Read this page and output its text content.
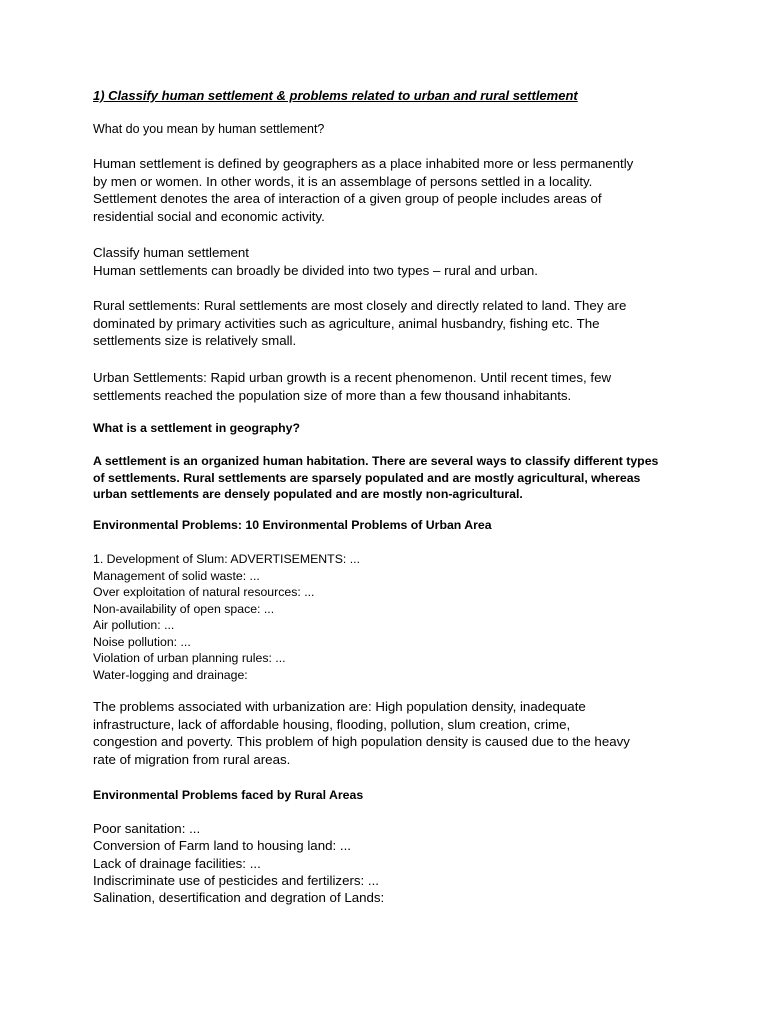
1) Classify human settlement & problems related to urban and rural settlement
What do you mean by human settlement?
Human settlement is defined by geographers as a place inhabited more or less permanently
by men or women. In other words, it is an assemblage of persons settled in a locality.
Settlement denotes the area of interaction of a given group of people includes areas of
residential social and economic activity.
Classify human settlement
Human settlements can broadly be divided into two types – rural and urban.
Rural settlements: Rural settlements are most closely and directly related to land. They are
dominated by primary activities such as agriculture, animal husbandry, fishing etc. The
settlements size is relatively small.
Urban Settlements: Rapid urban growth is a recent phenomenon. Until recent times, few
settlements reached the population size of more than a few thousand inhabitants.
What is a settlement in geography?
A settlement is an organized human habitation. There are several ways to classify different types
of settlements. Rural settlements are sparsely populated and are mostly agricultural, whereas
urban settlements are densely populated and are mostly non-agricultural.
Environmental Problems: 10 Environmental Problems of Urban Area
1. Development of Slum: ADVERTISEMENTS: ...
Management of solid waste: ...
Over exploitation of natural resources: ...
Non-availability of open space: ...
Air pollution: ...
Noise pollution: ...
Violation of urban planning rules: ...
Water-logging and drainage:
The problems associated with urbanization are: High population density, inadequate
infrastructure, lack of affordable housing, flooding, pollution, slum creation, crime,
congestion and poverty. This problem of high population density is caused due to the heavy
rate of migration from rural areas.
Environmental Problems faced by Rural Areas
Poor sanitation: ...
Conversion of Farm land to housing land: ...
Lack of drainage facilities: ...
Indiscriminate use of pesticides and fertilizers: ...
Salination, desertification and degration of Lands:
